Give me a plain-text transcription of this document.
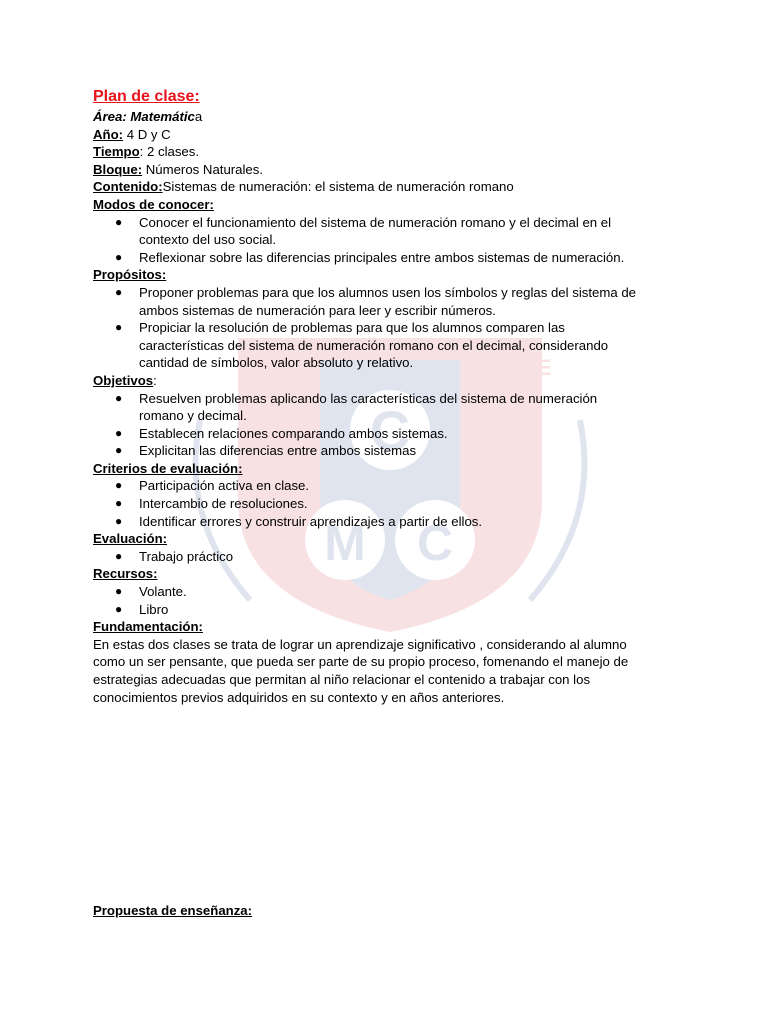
C
M C
L CANE
Plan de clase:
Área: Matemática
Año: 4 D y C
Tiempo: 2 clases.
Bloque: Números Naturales.
Contenido:Sistemas de numeración: el sistema de numeración romano
Modos de conocer:
● Conocer el funcionamiento del sistema de numeración romano y el decimal en el
contexto del uso social.
● Reflexionar sobre las diferencias principales entre ambos sistemas de numeración.
Propósitos:
● Proponer problemas para que los alumnos usen los símbolos y reglas del sistema de
ambos sistemas de numeración para leer y escribir números.
● Propiciar la resolución de problemas para que los alumnos comparen las
características del sistema de numeración romano con el decimal, considerando
cantidad de símbolos, valor absoluto y relativo.
Objetivos:
● Resuelven problemas aplicando las características del sistema de numeración
romano y decimal.
● Establecen relaciones comparando ambos sistemas.
● Explicitan las diferencias entre ambos sistemas
Criterios de evaluación:
● Participación activa en clase.
● Intercambio de resoluciones.
● Identificar errores y construir aprendizajes a partir de ellos.
Evaluación:
● Trabajo práctico
Recursos:
● Volante.
● Libro
Fundamentación:
En estas dos clases se trata de lograr un aprendizaje significativo , considerando al alumno
como un ser pensante, que pueda ser parte de su propio proceso, fomenando el manejo de
estrategias adecuadas que permitan al niño relacionar el contenido a trabajar con los
conocimientos previos adquiridos en su contexto y en años anteriores.
Propuesta de enseñanza:
